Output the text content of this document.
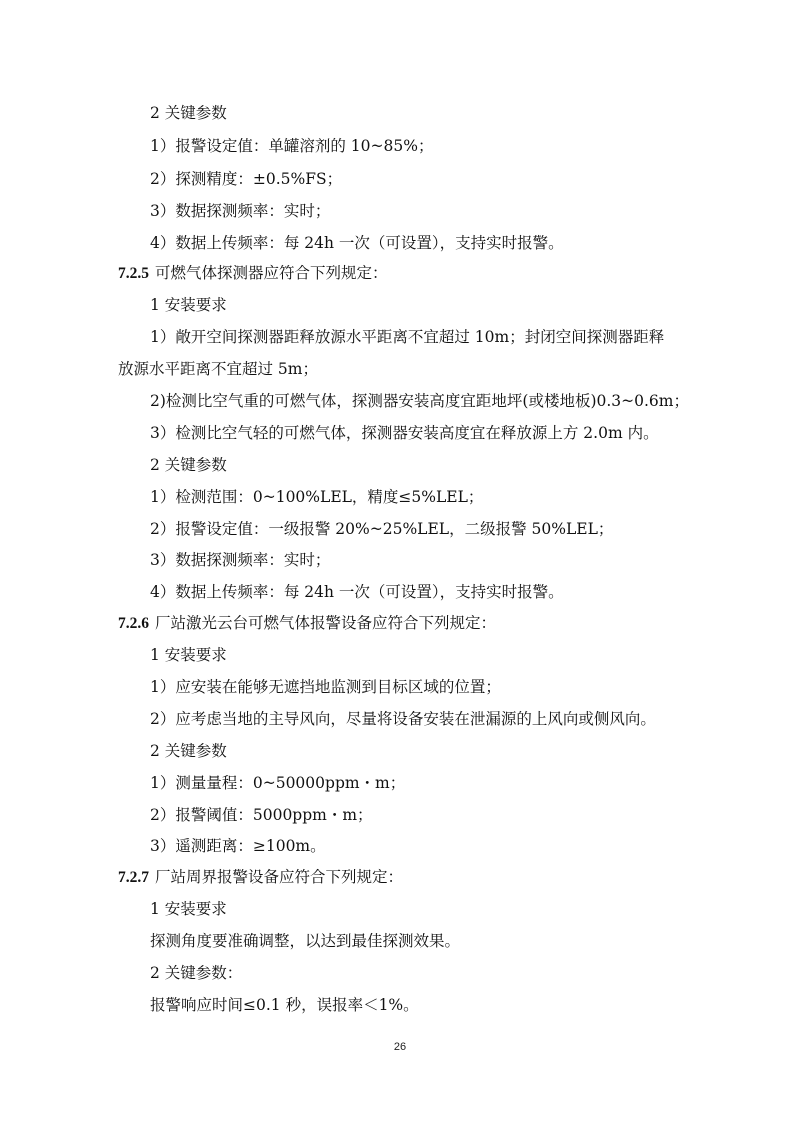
2 关键参数
1）报警设定值：单罐溶剂的 10~85%；
2）探测精度：±0.5%FS；
3）数据探测频率：实时；
4）数据上传频率：每 24h 一次（可设置），支持实时报警。
7.2.5 可燃气体探测器应符合下列规定：
1 安装要求
1）敞开空间探测器距释放源水平距离不宜超过 10m；封闭空间探测器距释
放源水平距离不宜超过 5m；
2)检测比空气重的可燃气体，探测器安装高度宜距地坪(或楼地板)0.3~0.6m；
3）检测比空气轻的可燃气体，探测器安装高度宜在释放源上方 2.0m 内。
2 关键参数
1）检测范围：0~100%LEL，精度≤5%LEL；
2）报警设定值：一级报警 20%~25%LEL，二级报警 50%LEL；
3）数据探测频率：实时；
4）数据上传频率：每 24h 一次（可设置），支持实时报警。
7.2.6 厂站激光云台可燃气体报警设备应符合下列规定：
1 安装要求
1）应安装在能够无遮挡地监测到目标区域的位置；
2）应考虑当地的主导风向，尽量将设备安装在泄漏源的上风向或侧风向。
2 关键参数
1）测量量程：0~50000ppm・m；
2）报警阈值：5000ppm・m；
3）遥测距离：≥100m。
7.2.7 厂站周界报警设备应符合下列规定：
1 安装要求
探测角度要准确调整，以达到最佳探测效果。
2 关键参数：
报警响应时间≤0.1 秒，误报率＜1%。
26
